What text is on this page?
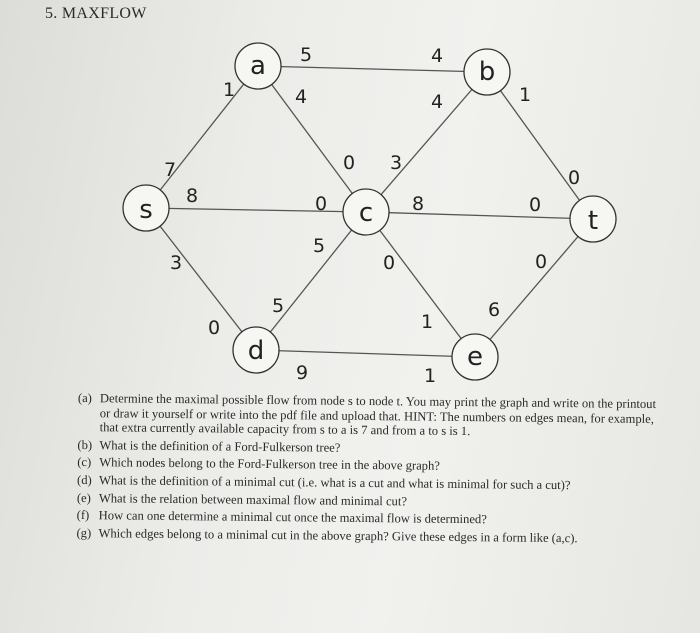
5. MAXFLOW
7
1
8	0
3
0
5	4
4
0
4
3
1
0
8	0
5
5
0
1
9	1
6
0
s
a	b
c
d	e
t
(a) Determine the maximal possible flow from node s to node t. You may print the graph and write on the printout or draw it yourself or write into the pdf file and upload that. HINT: The numbers on edges mean, for example, that extra currently available capacity from s to a is 7 and from a to s is 1.
(b) What is the definition of a Ford-Fulkerson tree?
(c) Which nodes belong to the Ford-Fulkerson tree in the above graph?
(d) What is the definition of a minimal cut (i.e. what is a cut and what is minimal for such a cut)?
(e) What is the relation between maximal flow and minimal cut?
(f) How can one determine a minimal cut once the maximal flow is determined?
(g) Which edges belong to a minimal cut in the above graph? Give these edges in a form like (a,c).
